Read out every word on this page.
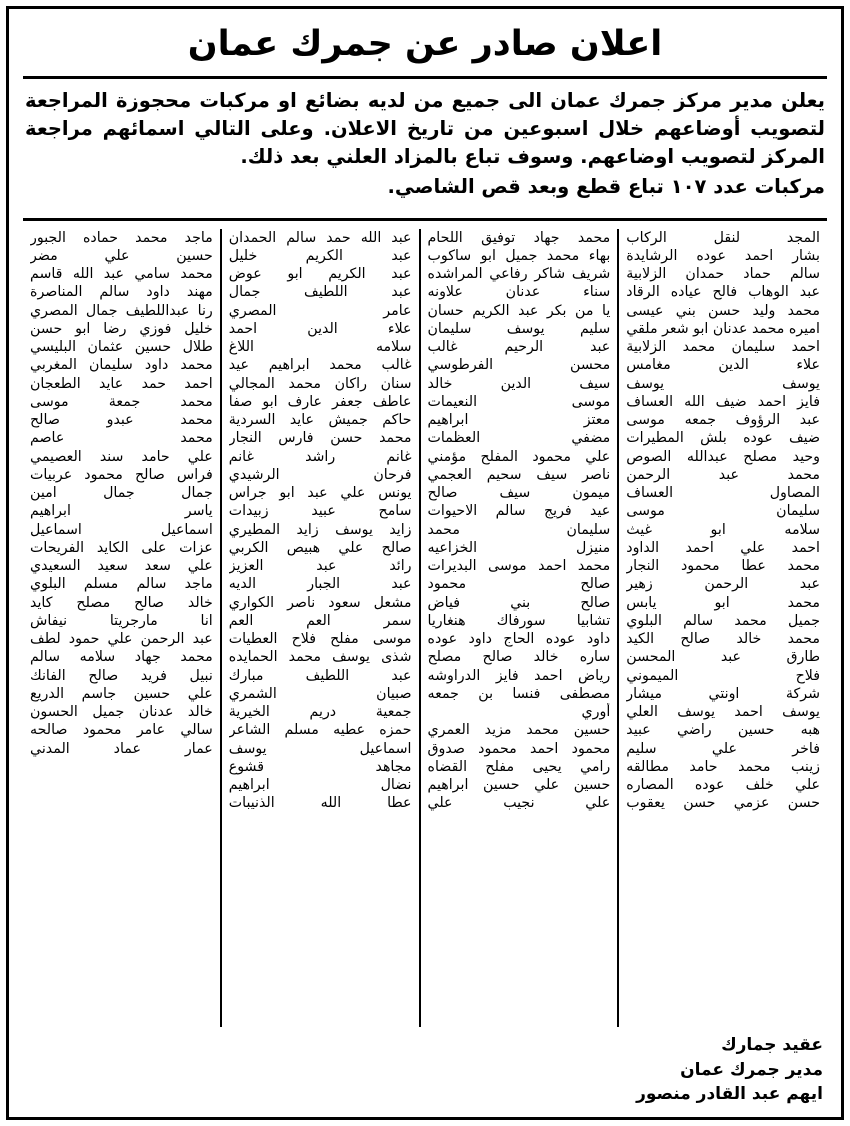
اعلان صادر عن جمرك عمان

يعلن مدير مركز جمرك عمان الى جميع من لديه بضائع او مركبات محجوزة المراجعة لتصويب أوضاعهم خلال اسبوعين من تاريخ الاعلان. وعلى التالي اسمائهم مراجعة المركز لتصويب اوضاعهم. وسوف تباع بالمزاد العلني بعد ذلك.

مركبات عدد ١٠٧ تباع قطع وبعد قص الشاصي.

المجد لنقل الركاب
بشار احمد عوده الرشايدة
سالم حماد حمدان الزلابية
عبد الوهاب فالح عياده الرقاد
محمد وليد حسن بني عيسى
اميره محمد عدنان ابو شعر ملقي
احمد سليمان محمد الزلابية
علاء الدين مغامس
يوسف يوسف
فايز احمد ضيف الله العساف
عبد الرؤوف جمعه موسى
ضيف عوده بلش المطيرات
وحيد مصلح عبدالله الصوص
محمد عبد الرحمن
المصاول العساف
سليمان موسى
سلامه ابو غيث
احمد علي احمد الداود
محمد عطا محمود النجار
عبد الرحمن زهير
محمد ابو يابس
جميل محمد سالم البلوي
محمد خالد صالح الكيد
طارق عبد المحسن
فلاح الميموني
شركة اونتي ميشار
يوسف احمد يوسف العلي
هبه حسين راضي عبيد
فاخر علي سليم
زينب محمد حامد مطالقه
علي خلف عوده المصاره
حسن عزمي حسن يعقوب
محمد جهاد توفيق اللحام
بهاء محمد جميل ابو ساكوب
شريف شاكر رفاعي المراشده
سناء عدنان علاونه
يا من بكر عبد الكريم حسان
سليم يوسف سليمان
عبد الرحيم غالب
محسن الفرطوسي
سيف الدين خالد
موسى النعيمات
معتز ابراهيم
مضفي العظمات
علي محمود المفلح مؤمني
ناصر سيف سحيم العجمي
ميمون سيف صالح
عيد فريج سالم الاحيوات
سليمان محمد
منيزل الخزاعيه
محمد احمد موسى البديرات
صالح محمود
صالح بني فياض
تشابيا سورفاك هنغاريا
داود عوده الحاج داود عوده
ساره خالد صالح مصلح
رياض احمد فايز الدراوشه
مصطفى فنسا بن جمعه
أوري
حسين محمد مزيد العمري
محمود احمد محمود صدوق
رامي يحيى مفلح القضاه
حسين علي حسين ابراهيم
علي نجيب علي
عبد الله حمد سالم الحمدان
عبد الكريم خليل
عبد الكريم ابو عوض
عبد اللطيف جمال
عامر المصري
علاء الدين احمد
سلامه اللاغ
غالب محمد ابراهيم عيد
سنان راكان محمد المجالي
عاطف جعفر عارف ابو صفا
حاكم جميش عايد السردية
محمد حسن فارس النجار
غانم راشد غانم
فرحان الرشيدي
يونس علي عبد ابو جراس
سامح عبيد زبيدات
زايد يوسف زايد المطيري
صالح علي هبيص الكربي
رائد عبد العزيز
عبد الجبار الديه
مشعل سعود ناصر الكواري
سمر العم العم
موسى مفلح فلاح العطيات
شذى يوسف محمد الحمايده
عبد اللطيف مبارك
صبيان الشمري
جمعية دريم الخيرية
حمزه عطيه مسلم الشاعر
اسماعيل يوسف
مجاهد قشوع
نضال ابراهيم
عطا الله الذنيبات
ماجد محمد حماده الجبور
حسين علي مضر
محمد سامي عبد الله قاسم
مهند داود سالم المناصرة
رنا عبداللطيف جمال المصري
خليل فوزي رضا ابو حسن
طلال حسين عثمان البليسي
محمد داود سليمان المغربي
احمد حمد عايد الطعجان
محمد جمعة موسى
محمد عبدو صالح
محمد عاصم
علي حامد سند العصيمي
فراس صالح محمود عربيات
جمال جمال امين
ياسر ابراهيم
اسماعيل اسماعيل
عزات على الكايد الفريحات
علي سعد سعيد السعيدي
ماجد سالم مسلم البلوي
خالد صالح مصلح كايد
انا مارجريتا نيفاش
عبد الرحمن علي حمود لطف
محمد جهاد سلامه سالم
نبيل فريد صالح الفانك
علي حسين جاسم الدريع
خالد عدنان جميل الحسون
سالي عامر محمود صالحه
عمار عماد المدني
عقيد جمارك
مدير جمرك عمان
ايهم عبد القادر منصور
